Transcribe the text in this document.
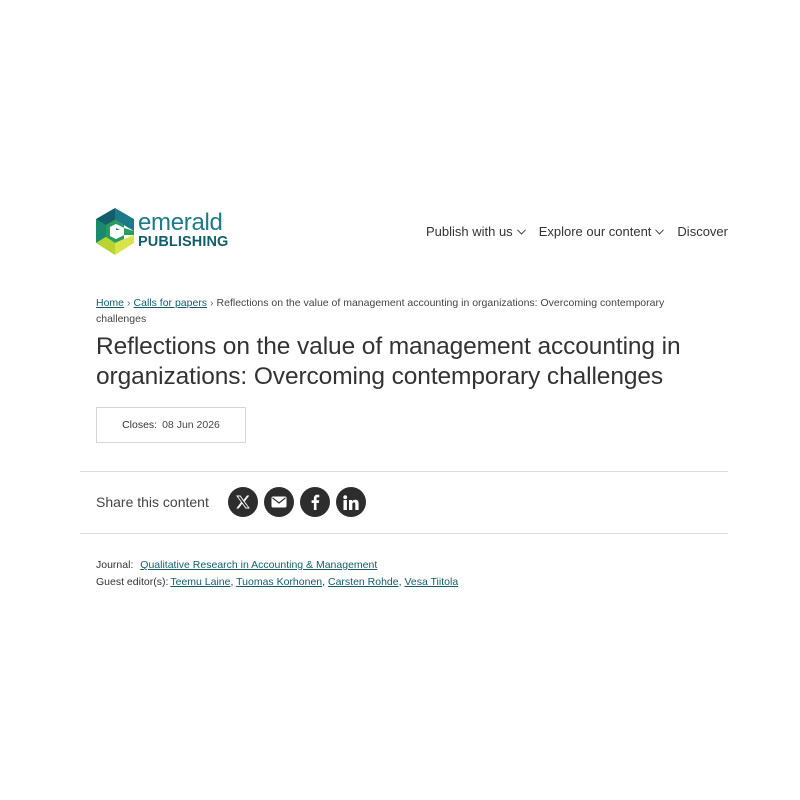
emerald
PUBLISHING
Publish with us Explore our content Discover
Home › Calls for papers › Reflections on the value of management accounting in organizations: Overcoming contemporary challenges
Reflections on the value of management accounting in organizations: Overcoming contemporary challenges
Closes: 08 Jun 2026
Share this content
Journal: Qualitative Research in Accounting & Management
Guest editor(s): Teemu Laine, Tuomas Korhonen, Carsten Rohde, Vesa Tiitola
